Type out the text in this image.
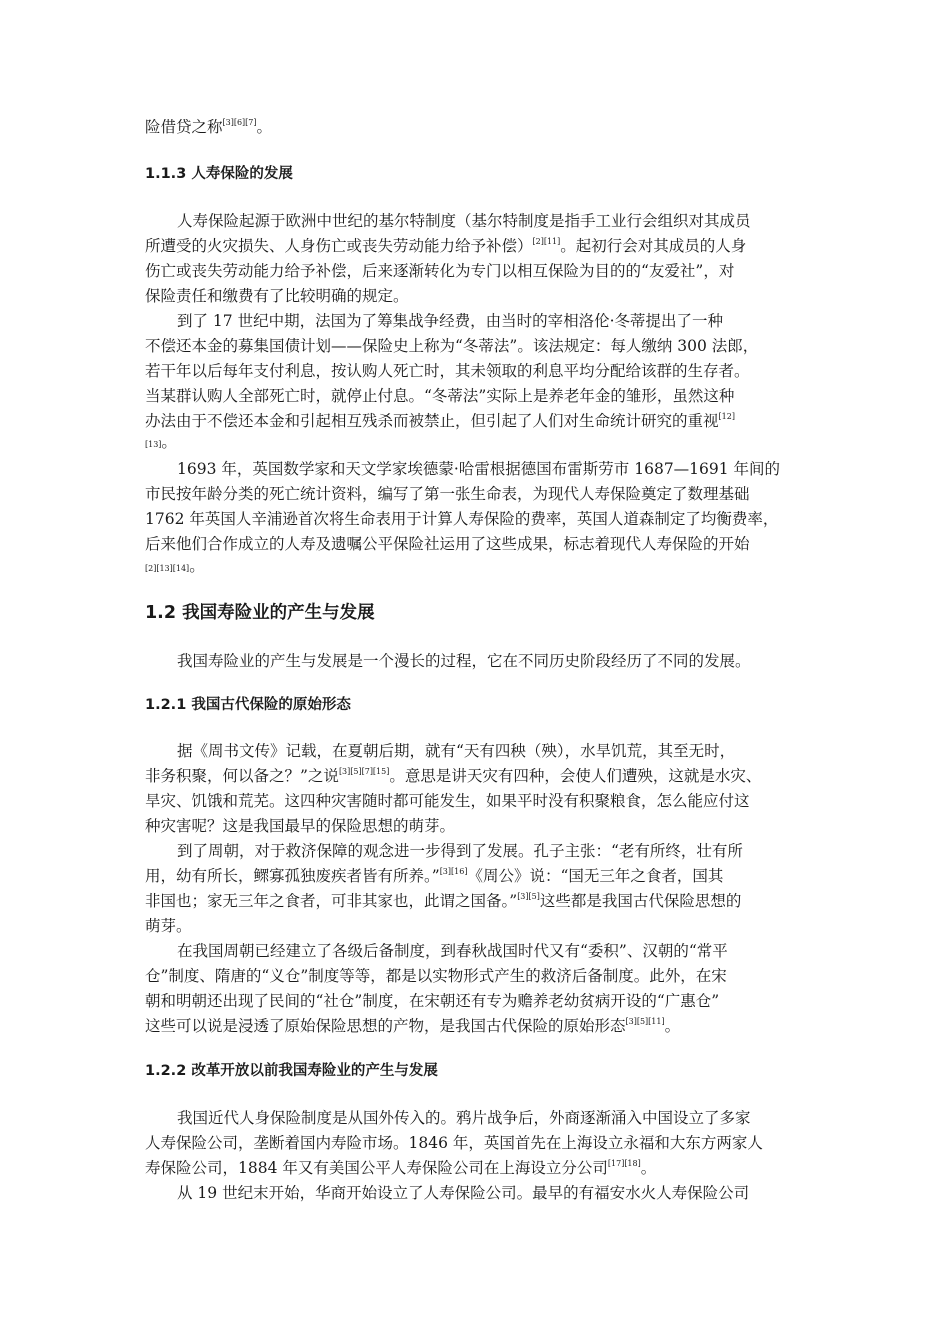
险借贷之称[3][6][7]。
1.1.3 人寿保险的发展
人寿保险起源于欧洲中世纪的基尔特制度（基尔特制度是指手工业行会组织对其成员
所遭受的火灾损失、人身伤亡或丧失劳动能力给予补偿）[2][11]。起初行会对其成员的人身
伤亡或丧失劳动能力给予补偿，后来逐渐转化为专门以相互保险为目的的“友爱社”，对
保险责任和缴费有了比较明确的规定。
到了 17 世纪中期，法国为了筹集战争经费，由当时的宰相洛伦·冬蒂提出了一种
不偿还本金的募集国债计划——保险史上称为“冬蒂法”。该法规定：每人缴纳 300 法郎，
若干年以后每年支付利息，按认购人死亡时，其未领取的利息平均分配给该群的生存者。
当某群认购人全部死亡时，就停止付息。“冬蒂法”实际上是养老年金的雏形，虽然这种
办法由于不偿还本金和引起相互残杀而被禁止，但引起了人们对生命统计研究的重视[12]
[13]。
1693 年，英国数学家和天文学家埃德蒙·哈雷根据德国布雷斯劳市 1687—1691 年间的
市民按年龄分类的死亡统计资料，编写了第一张生命表，为现代人寿保险奠定了数理基础
1762 年英国人辛浦逊首次将生命表用于计算人寿保险的费率，英国人道森制定了均衡费率，
后来他们合作成立的人寿及遗嘱公平保险社运用了这些成果，标志着现代人寿保险的开始
[2][13][14]。
1.2 我国寿险业的产生与发展
我国寿险业的产生与发展是一个漫长的过程，它在不同历史阶段经历了不同的发展。
1.2.1 我国古代保险的原始形态
据《周书文传》记载，在夏朝后期，就有“天有四秧（殃），水旱饥荒，其至无时，
非务积聚，何以备之？”之说[3][5][7][15]。意思是讲天灾有四种，会使人们遭殃，这就是水灾、
旱灾、饥饿和荒芜。这四种灾害随时都可能发生，如果平时没有积聚粮食，怎么能应付这
种灾害呢？这是我国最早的保险思想的萌芽。
到了周朝，对于救济保障的观念进一步得到了发展。孔子主张：“老有所终，壮有所
用，幼有所长，鳏寡孤独废疾者皆有所养。”[3][16]《周公》说：“国无三年之食者，国其
非国也；家无三年之食者，可非其家也，此谓之国备。”[3][5]这些都是我国古代保险思想的
萌芽。
在我国周朝已经建立了各级后备制度，到春秋战国时代又有“委积”、汉朝的“常平
仓”制度、隋唐的“义仓”制度等等，都是以实物形式产生的救济后备制度。此外，在宋
朝和明朝还出现了民间的“社仓”制度，在宋朝还有专为赡养老幼贫病开设的“广惠仓”
这些可以说是浸透了原始保险思想的产物，是我国古代保险的原始形态[3][5][11]。
1.2.2 改革开放以前我国寿险业的产生与发展
我国近代人身保险制度是从国外传入的。鸦片战争后，外商逐渐涌入中国设立了多家
人寿保险公司，垄断着国内寿险市场。1846 年，英国首先在上海设立永福和大东方两家人
寿保险公司，1884 年又有美国公平人寿保险公司在上海设立分公司[17][18]。
从 19 世纪末开始，华商开始设立了人寿保险公司。最早的有福安水火人寿保险公司
